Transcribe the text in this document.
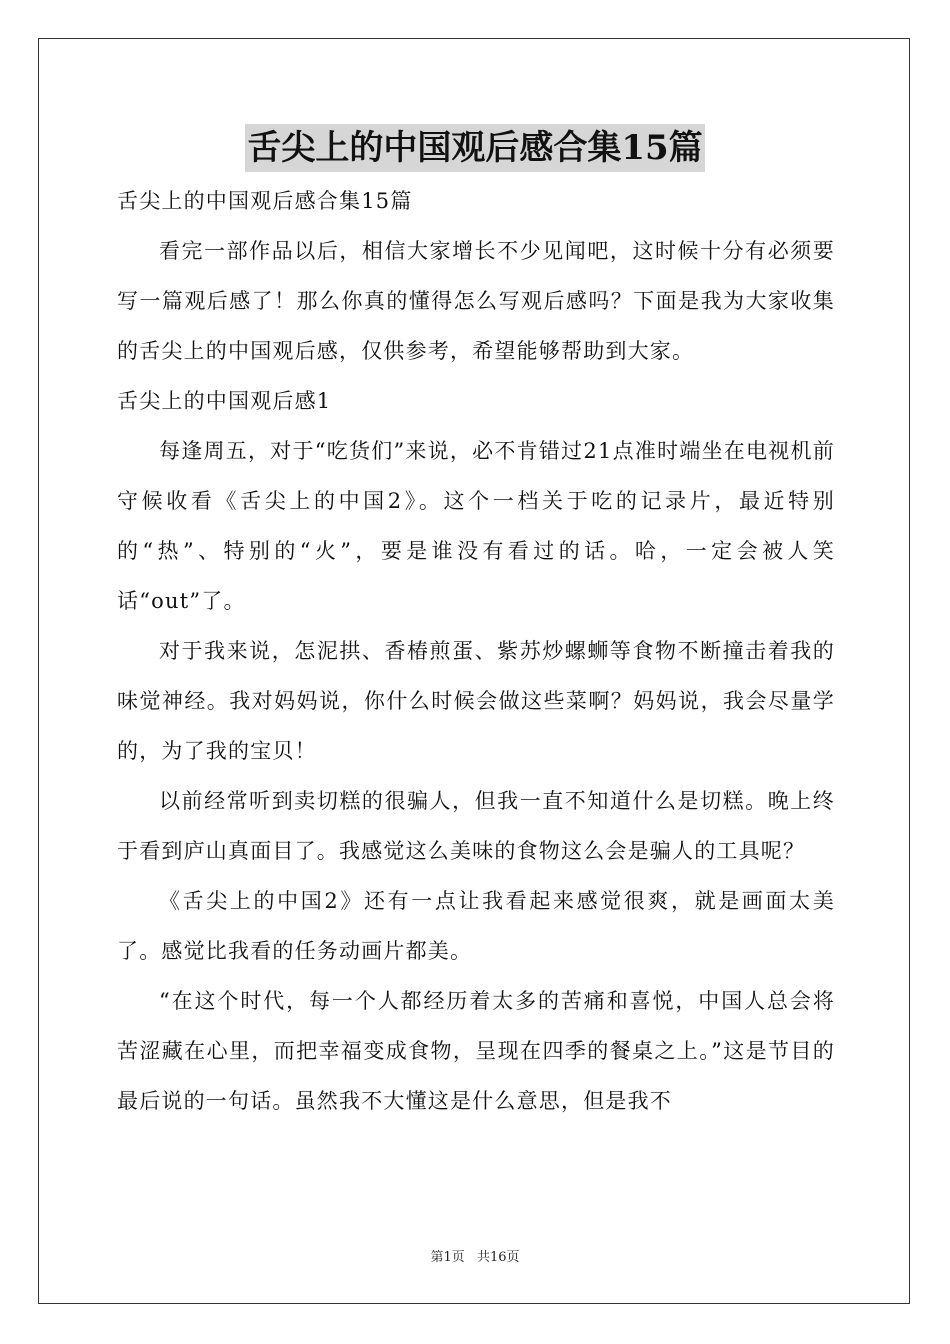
舌尖上的中国观后感合集15篇

舌尖上的中国观后感合集15篇

看完一部作品以后，相信大家增长不少见闻吧，这时候十分有必须要写一篇观后感了！那么你真的懂得怎么写观后感吗？下面是我为大家收集的舌尖上的中国观后感，仅供参考，希望能够帮助到大家。

舌尖上的中国观后感1

每逢周五，对于“吃货们”来说，必不肯错过21点准时端坐在电视机前守候收看《舌尖上的中国2》。这个一档关于吃的记录片，最近特别的“热”、特别的“火”，要是谁没有看过的话。哈，一定会被人笑话“out”了。

对于我来说，怎泥拱、香椿煎蛋、紫苏炒螺蛳等食物不断撞击着我的味觉神经。我对妈妈说，你什么时候会做这些菜啊？妈妈说，我会尽量学的，为了我的宝贝！

以前经常听到卖切糕的很骗人，但我一直不知道什么是切糕。晚上终于看到庐山真面目了。我感觉这么美味的食物这么会是骗人的工具呢？

《舌尖上的中国2》还有一点让我看起来感觉很爽，就是画面太美了。感觉比我看的任务动画片都美。

“在这个时代，每一个人都经历着太多的苦痛和喜悦，中国人总会将苦涩藏在心里，而把幸福变成食物，呈现在四季的餐桌之上。”这是节目的最后说的一句话。虽然我不大懂这是什么意思，但是我不

第1页 共16页
